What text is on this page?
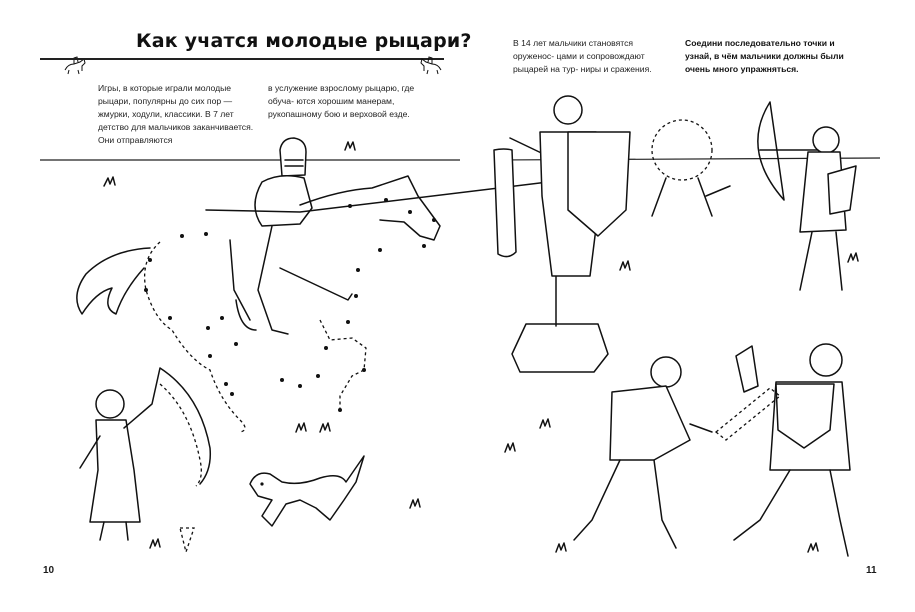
Как учатся молодые рыцари?
Игры, в которые играли молодые рыцари, популярны до сих пор — жмурки, ходули, классики. В 7 лет детство для мальчиков заканчивается. Они отправляются
в услужение взрослому рыцарю, где обуча- ются хорошим манерам, рукопашному бою и верховой езде.
В 14 лет мальчики становятся оруженос- цами и сопровождают рыцарей на тур- ниры и сражения.
Соедини последовательно точки и узнай, в чём мальчики должны были очень много упражняться.
10	11
